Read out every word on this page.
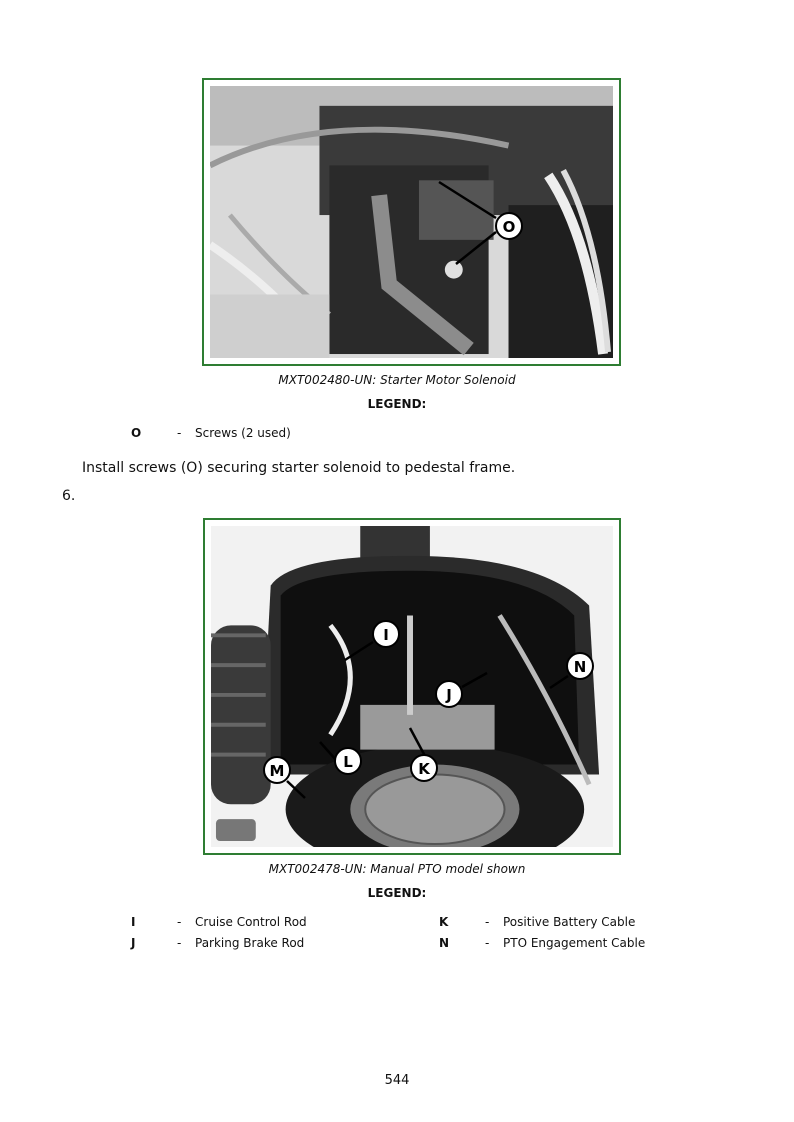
O
MXT002480-UN: Starter Motor Solenoid
LEGEND:
O	-	Screws (2 used)
Install screws (O) securing starter solenoid to pedestal frame.
6.
I
J
K
L
M
N
MXT002478-UN: Manual PTO model shown
LEGEND:
I	-	Cruise Control Rod
J	-	Parking Brake Rod
K	-	Positive Battery Cable
N	-	PTO Engagement Cable
544
